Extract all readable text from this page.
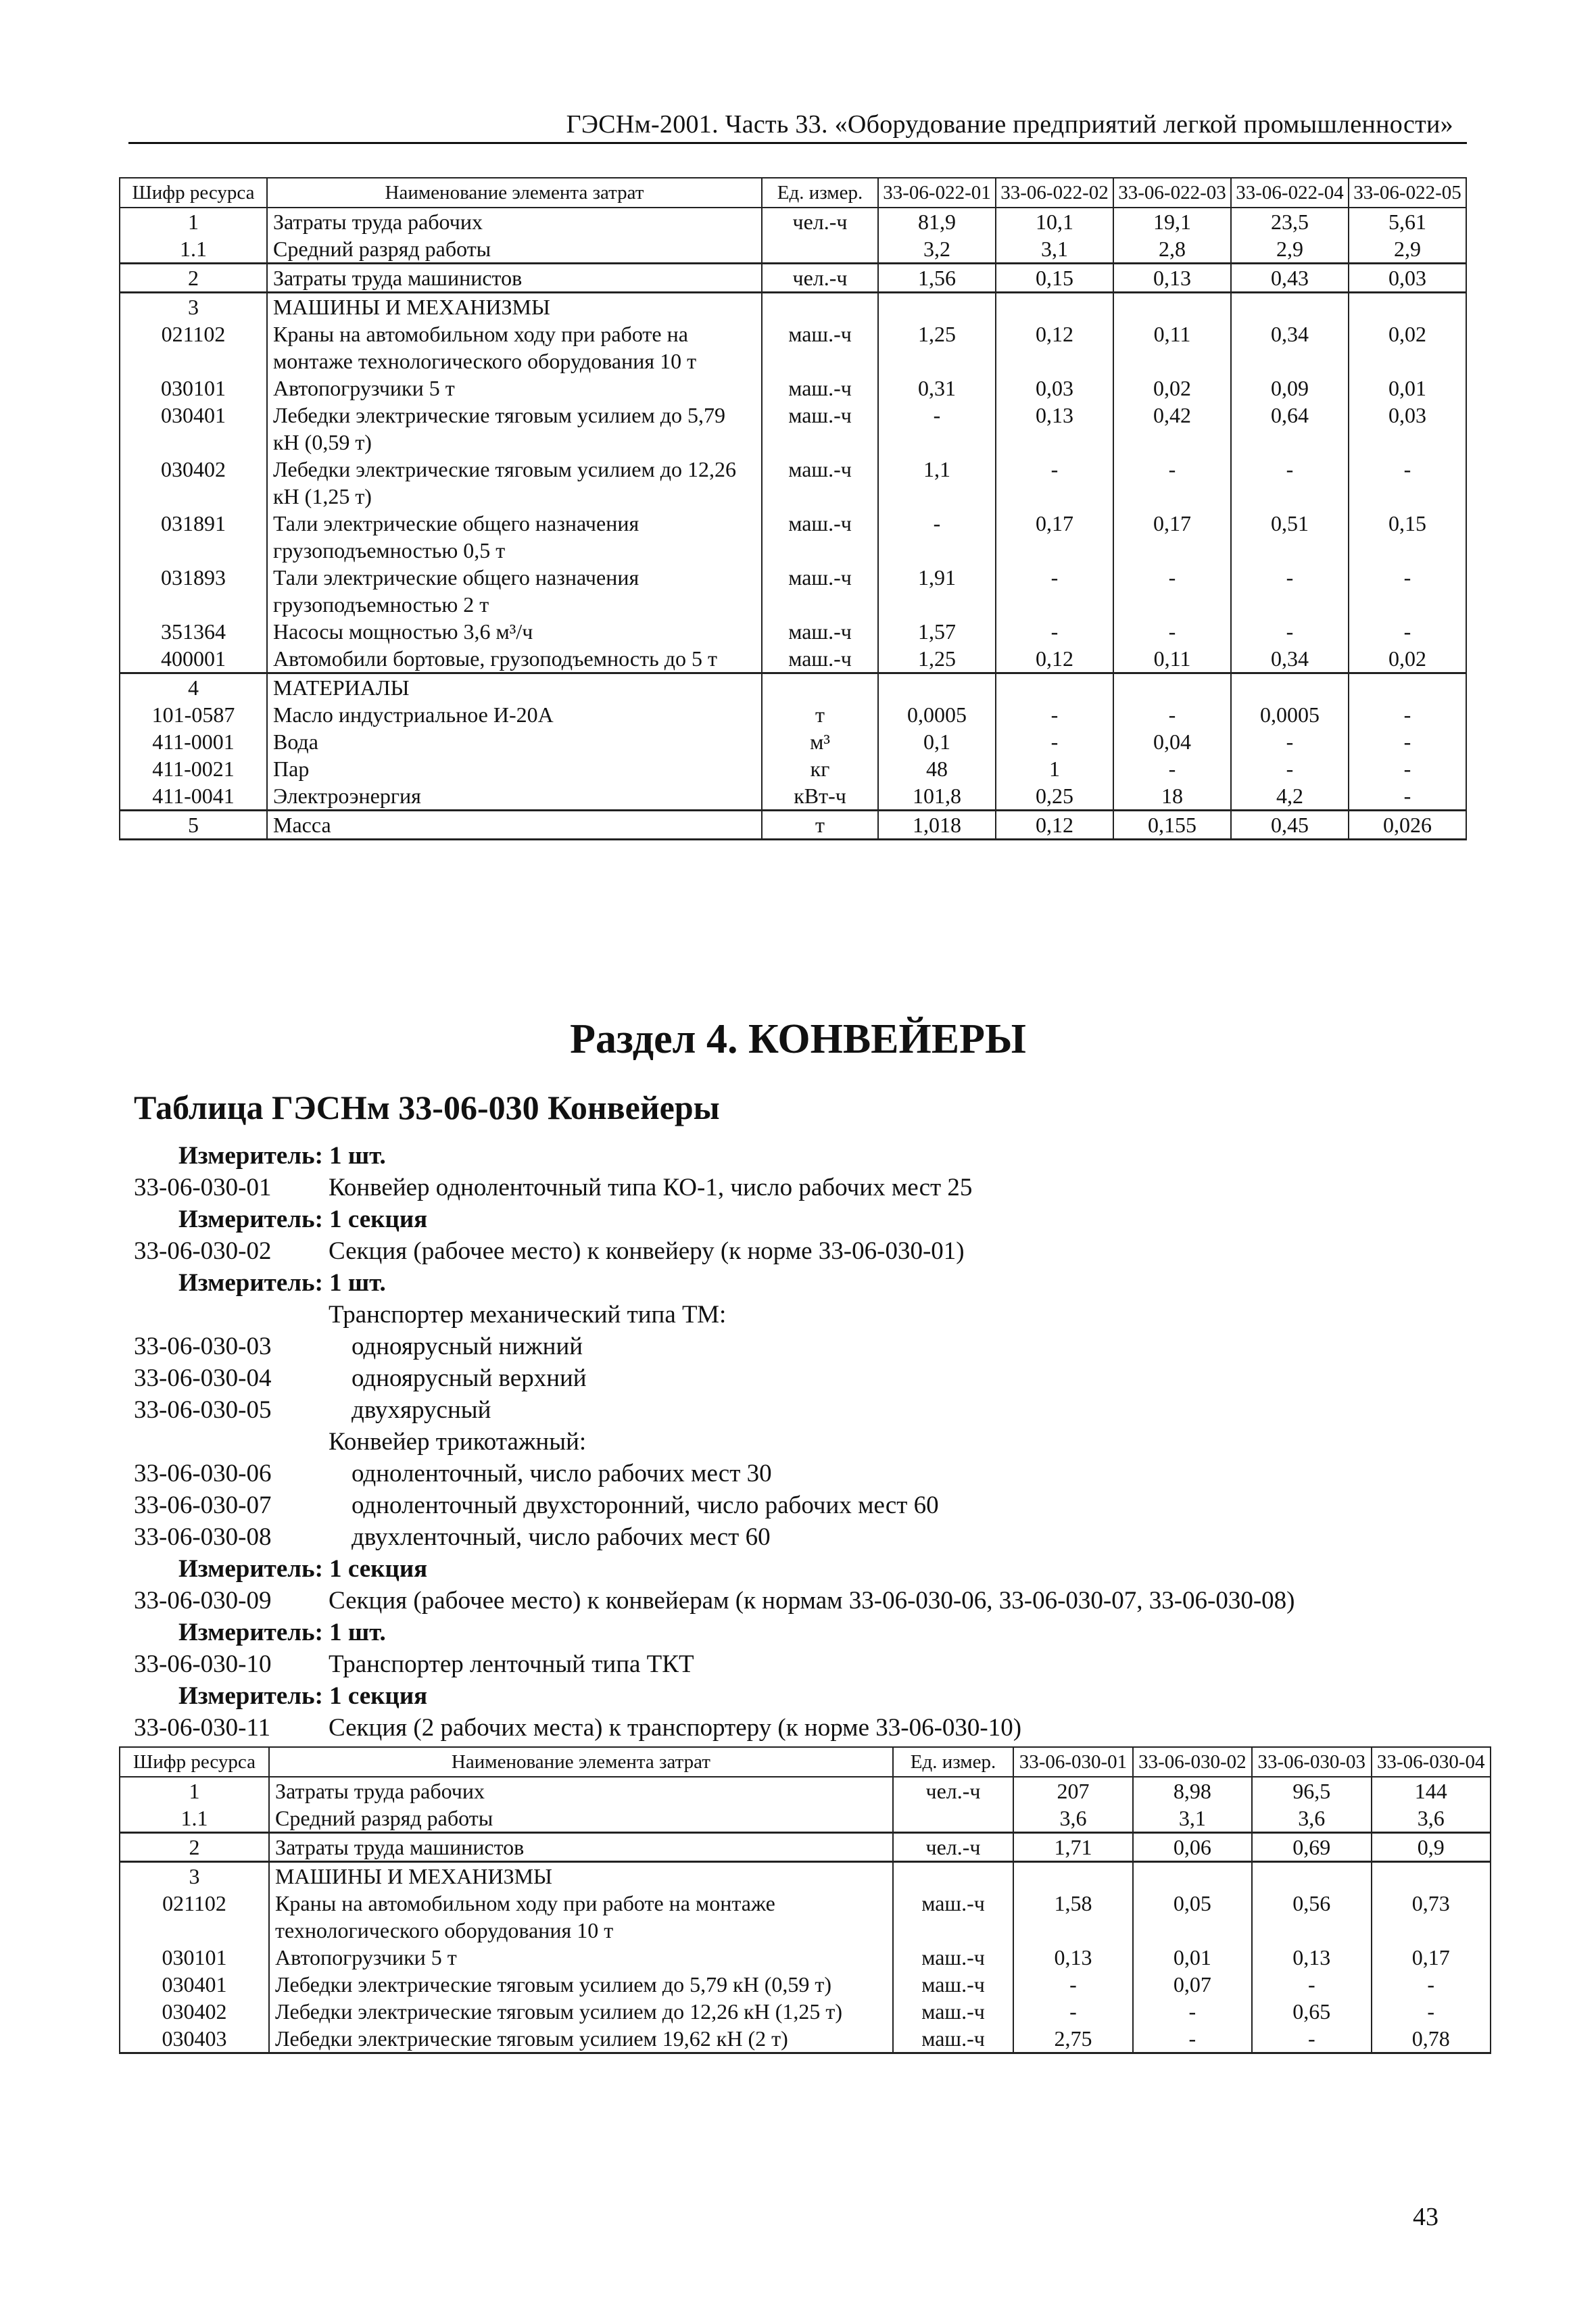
ГЭСНм-2001. Часть 33. «Оборудование предприятий легкой промышленности»
Шифр ресурса	Наименование элемента затрат	Ед. измер.	33-06-022-01	33-06-022-02	33-06-022-03	33-06-022-04	33-06-022-05
1	Затраты труда рабочих	чел.-ч	81,9	10,1	19,1	23,5	5,61
1.1	Средний разряд работы		3,2	3,1	2,8	2,9	2,9
2	Затраты труда машинистов	чел.-ч	1,56	0,15	0,13	0,43	0,03
3	МАШИНЫ И МЕХАНИЗМЫ						
021102	Краны на автомобильном ходу при работе на монтаже технологического оборудования 10 т	маш.-ч	1,25	0,12	0,11	0,34	0,02
030101	Автопогрузчики 5 т	маш.-ч	0,31	0,03	0,02	0,09	0,01
030401	Лебедки электрические тяговым усилием до 5,79 кН (0,59 т)	маш.-ч	-	0,13	0,42	0,64	0,03
030402	Лебедки электрические тяговым усилием до 12,26 кН (1,25 т)	маш.-ч	1,1	-	-	-	-
031891	Тали электрические общего назначения грузоподъемностью 0,5 т	маш.-ч	-	0,17	0,17	0,51	0,15
031893	Тали электрические общего назначения грузоподъемностью 2 т	маш.-ч	1,91	-	-	-	-
351364	Насосы мощностью 3,6 м³/ч	маш.-ч	1,57	-	-	-	-
400001	Автомобили бортовые, грузоподъемность до 5 т	маш.-ч	1,25	0,12	0,11	0,34	0,02
4	МАТЕРИАЛЫ						
101-0587	Масло индустриальное И-20А	т	0,0005	-	-	0,0005	-
411-0001	Вода	м³	0,1	-	0,04	-	-
411-0021	Пар	кг	48	1	-	-	-
411-0041	Электроэнергия	кВт-ч	101,8	0,25	18	4,2	-
5	Масса	т	1,018	0,12	0,155	0,45	0,026
Раздел 4. КОНВЕЙЕРЫ
Таблица ГЭСНм 33-06-030 Конвейеры
Измеритель: 1 шт.
33-06-030-01 Конвейер одноленточный типа КО-1, число рабочих мест 25
Измеритель: 1 секция
33-06-030-02 Секция (рабочее место) к конвейеру (к норме 33-06-030-01)
Измеритель: 1 шт.
Транспортер механический типа ТМ:
33-06-030-03	одноярусный нижний
33-06-030-04	одноярусный верхний
33-06-030-05	двухярусный
Конвейер трикотажный:
33-06-030-06	одноленточный, число рабочих мест 30
33-06-030-07	одноленточный двухсторонний, число рабочих мест 60
33-06-030-08	двухленточный, число рабочих мест 60
Измеритель: 1 секция
33-06-030-09 Секция (рабочее место) к конвейерам (к нормам 33-06-030-06, 33-06-030-07, 33-06-030-08)
Измеритель: 1 шт.
33-06-030-10 Транспортер ленточный типа ТКТ
Измеритель: 1 секция
33-06-030-11 Секция (2 рабочих места) к транспортеру (к норме 33-06-030-10)
Шифр ресурса	Наименование элемента затрат	Ед. измер.	33-06-030-01	33-06-030-02	33-06-030-03	33-06-030-04
1	Затраты труда рабочих	чел.-ч	207	8,98	96,5	144
1.1	Средний разряд работы		3,6	3,1	3,6	3,6
2	Затраты труда машинистов	чел.-ч	1,71	0,06	0,69	0,9
3	МАШИНЫ И МЕХАНИЗМЫ					
021102	Краны на автомобильном ходу при работе на монтаже технологического оборудования 10 т	маш.-ч	1,58	0,05	0,56	0,73
030101	Автопогрузчики 5 т	маш.-ч	0,13	0,01	0,13	0,17
030401	Лебедки электрические тяговым усилием до 5,79 кН (0,59 т)	маш.-ч	-	0,07	-	-
030402	Лебедки электрические тяговым усилием до 12,26 кН (1,25 т)	маш.-ч	-	-	0,65	-
030403	Лебедки электрические тяговым усилием 19,62 кН (2 т)	маш.-ч	2,75	-	-	0,78
43
